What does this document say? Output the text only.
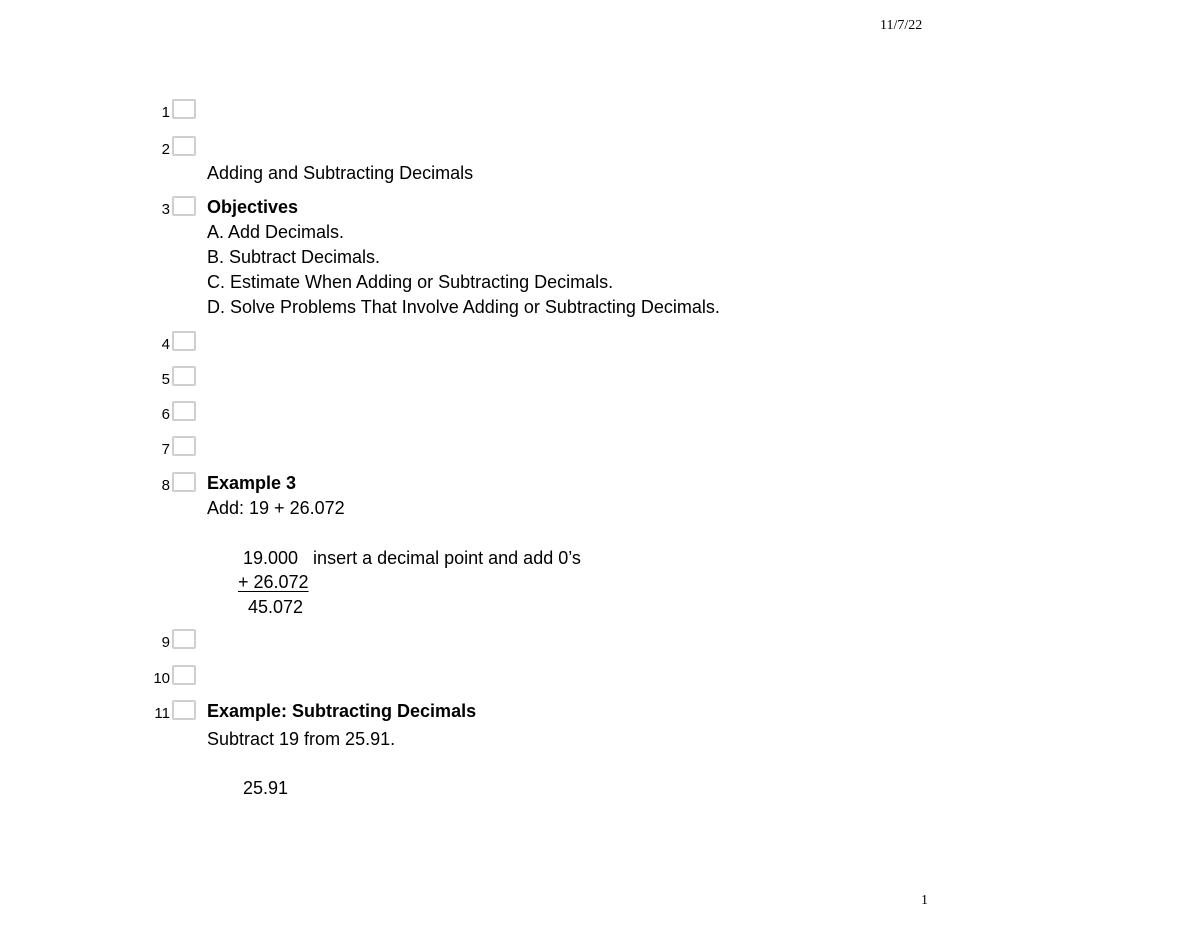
11/7/22
1
2
3
4
5
6
7
8
9
10
11
Adding and Subtracting Decimals
Objectives
A. Add Decimals.
B. Subtract Decimals.
C. Estimate When Adding or Subtracting Decimals.
D. Solve Problems That Involve Adding or Subtracting Decimals.
Example 3
Add: 19 + 26.072
19.000   insert a decimal point and add 0’s
+ 26.072
45.072
Example: Subtracting Decimals
Subtract 19 from 25.91.
25.91
1
